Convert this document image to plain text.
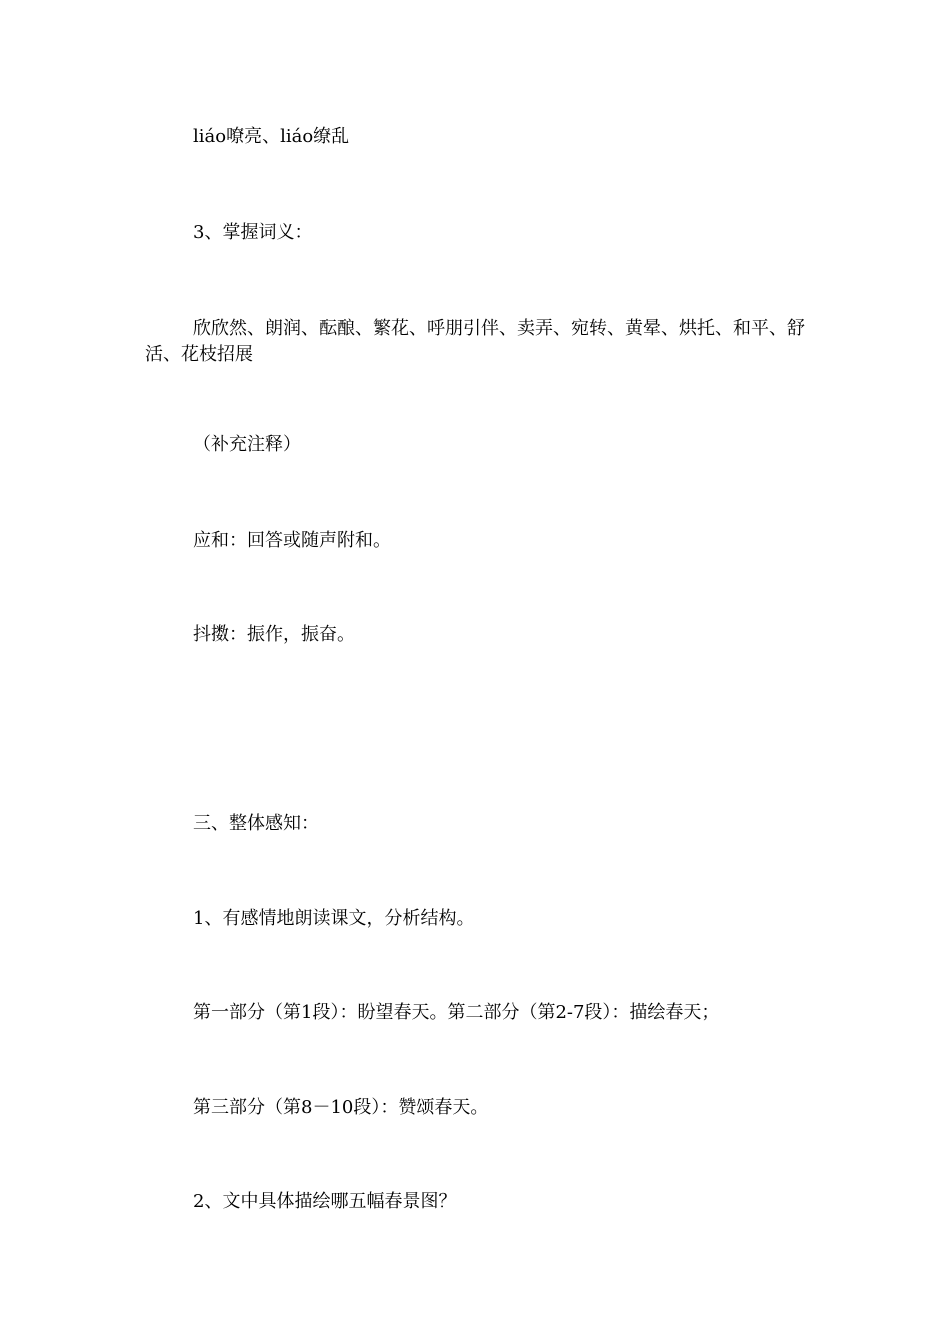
liáo嘹亮、liáo缭乱

3、掌握词义：

欣欣然、朗润、酝酿、繁花、呼朋引伴、卖弄、宛转、黄晕、烘托、和平、舒活、花枝招展

（补充注释）

应和：回答或随声附和。

抖擞：振作，振奋。

三、整体感知：

1、有感情地朗读课文，分析结构。

第一部分（第1段）：盼望春天。第二部分（第2-7段）：描绘春天；

第三部分（第8－10段）：赞颂春天。

2、文中具体描绘哪五幅春景图？
